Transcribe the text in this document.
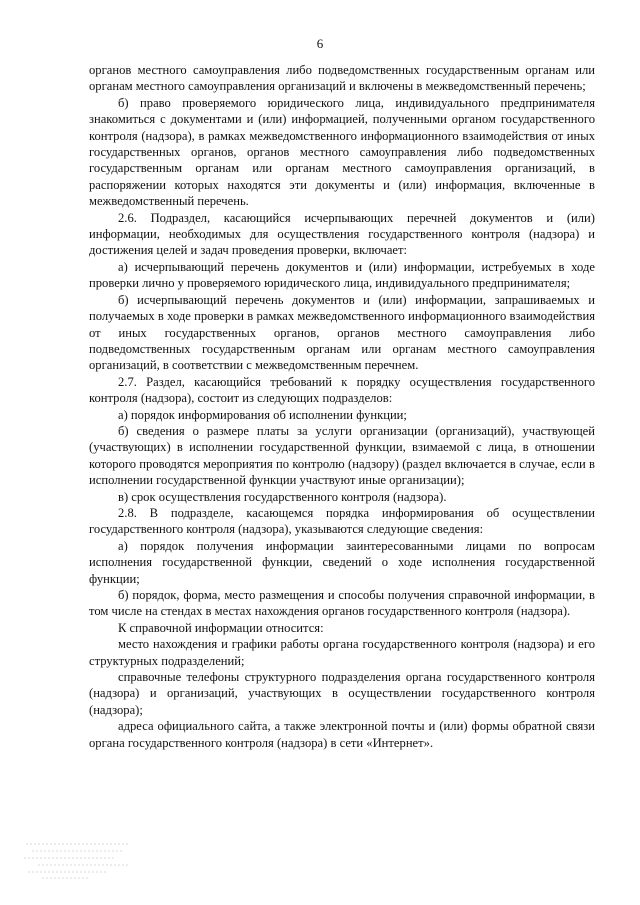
6

органов местного самоуправления либо подведомственных государственным органам или органам местного самоуправления организаций и включены в межведомственный перечень;

б) право проверяемого юридического лица, индивидуального предпринимателя знакомиться с документами и (или) информацией, полученными органом государственного контроля (надзора), в рамках межведомственного информационного взаимодействия от иных государственных органов, органов местного самоуправления либо подведомственных государственным органам или органам местного самоуправления организаций, в распоряжении которых находятся эти документы и (или) информация, включенные в межведомственный перечень.

2.6. Подраздел, касающийся исчерпывающих перечней документов и (или) информации, необходимых для осуществления государственного контроля (надзора) и достижения целей и задач проведения проверки, включает:

а) исчерпывающий перечень документов и (или) информации, истребуемых в ходе проверки лично у проверяемого юридического лица, индивидуального предпринимателя;

б) исчерпывающий перечень документов и (или) информации, запрашиваемых и получаемых в ходе проверки в рамках межведомственного информационного взаимодействия от иных государственных органов, органов местного самоуправления либо подведомственных государственным органам или органам местного самоуправления организаций, в соответствии с межведомственным перечнем.

2.7. Раздел, касающийся требований к порядку осуществления государственного контроля (надзора), состоит из следующих подразделов:

а) порядок информирования об исполнении функции;

б) сведения о размере платы за услуги организации (организаций), участвующей (участвующих) в исполнении государственной функции, взимаемой с лица, в отношении которого проводятся мероприятия по контролю (надзору) (раздел включается в случае, если в исполнении государственной функции участвуют иные организации);

в) срок осуществления государственного контроля (надзора).

2.8. В подразделе, касающемся порядка информирования об осуществлении государственного контроля (надзора), указываются следующие сведения:

а) порядок получения информации заинтересованными лицами по вопросам исполнения государственной функции, сведений о ходе исполнения государственной функции;

б) порядок, форма, место размещения и способы получения справочной информации, в том числе на стендах в местах нахождения органов государственного контроля (надзора).

К справочной информации относится:

место нахождения и графики работы органа государственного контроля (надзора) и его структурных подразделений;

справочные телефоны структурного подразделения органа государственного контроля (надзора) и организаций, участвующих в осуществлении государственного контроля (надзора);

адреса официального сайта, а также электронной почты и (или) формы обратной связи органа государственного контроля (надзора) в сети «Интернет».
